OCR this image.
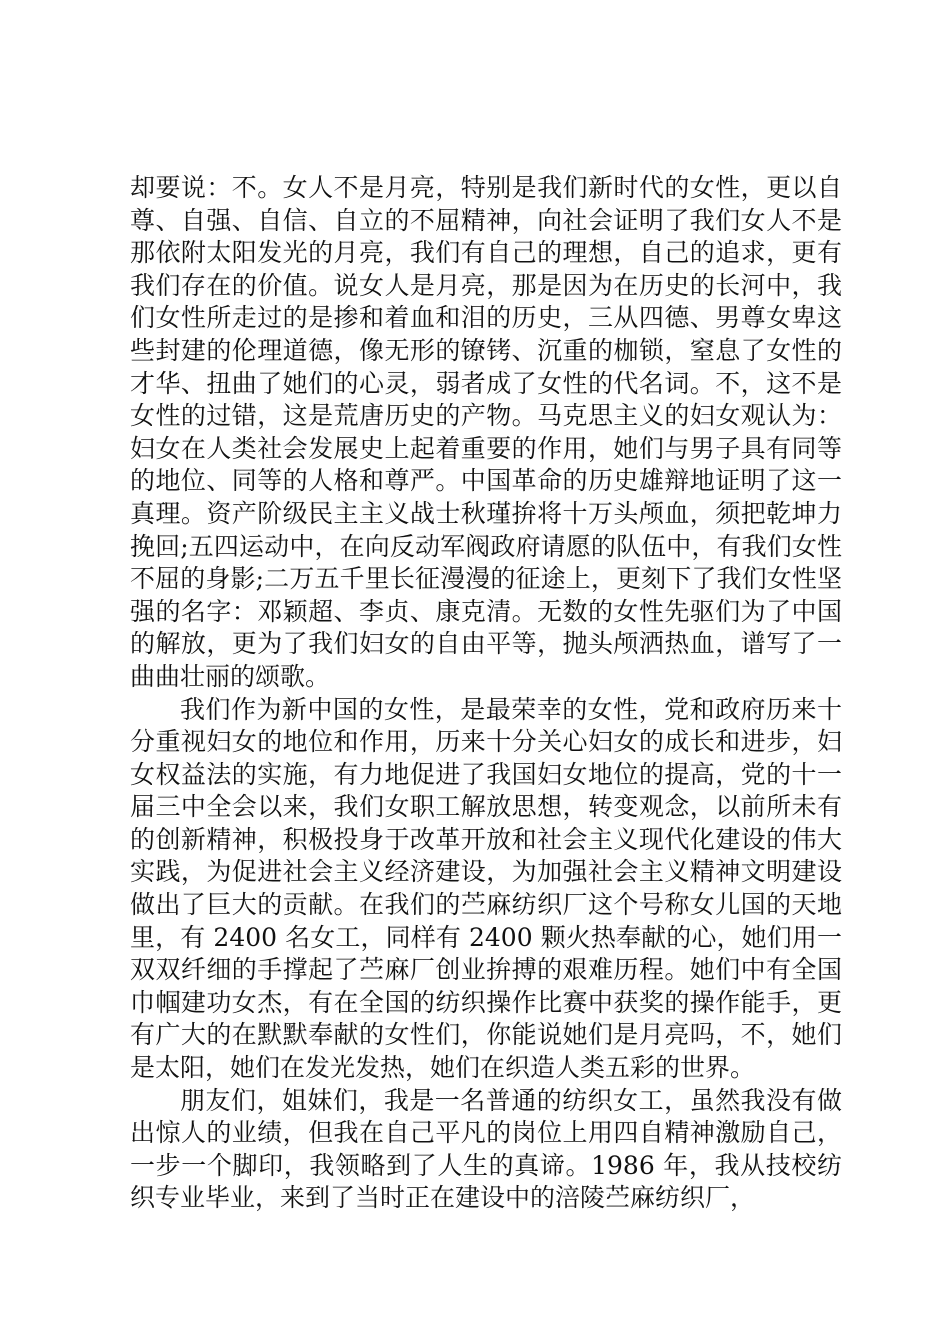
却要说：不。女人不是月亮，特别是我们新时代的女性，更以自尊、自强、自信、自立的不屈精神，向社会证明了我们女人不是那依附太阳发光的月亮，我们有自己的理想，自己的追求，更有我们存在的价值。说女人是月亮，那是因为在历史的长河中，我们女性所走过的是掺和着血和泪的历史，三从四德、男尊女卑这些封建的伦理道德，像无形的镣铐、沉重的枷锁，窒息了女性的才华、扭曲了她们的心灵，弱者成了女性的代名词。不，这不是女性的过错，这是荒唐历史的产物。马克思主义的妇女观认为：妇女在人类社会发展史上起着重要的作用，她们与男子具有同等的地位、同等的人格和尊严。中国革命的历史雄辩地证明了这一真理。资产阶级民主主义战士秋瑾拚将十万头颅血，须把乾坤力挽回;五四运动中，在向反动军阀政府请愿的队伍中，有我们女性不屈的身影;二万五千里长征漫漫的征途上，更刻下了我们女性坚强的名字：邓颖超、李贞、康克清。无数的女性先驱们为了中国的解放，更为了我们妇女的自由平等，抛头颅洒热血，谱写了一曲曲壮丽的颂歌。

我们作为新中国的女性，是最荣幸的女性，党和政府历来十分重视妇女的地位和作用，历来十分关心妇女的成长和进步，妇女权益法的实施，有力地促进了我国妇女地位的提高，党的十一届三中全会以来，我们女职工解放思想，转变观念，以前所未有的创新精神，积极投身于改革开放和社会主义现代化建设的伟大实践，为促进社会主义经济建设，为加强社会主义精神文明建设做出了巨大的贡献。在我们的苎麻纺织厂这个号称女儿国的天地里，有 2400 名女工，同样有 2400 颗火热奉献的心，她们用一双双纤细的手撑起了苎麻厂创业拚搏的艰难历程。她们中有全国巾帼建功女杰，有在全国的纺织操作比赛中获奖的操作能手，更有广大的在默默奉献的女性们，你能说她们是月亮吗，不，她们是太阳，她们在发光发热，她们在织造人类五彩的世界。

朋友们，姐妹们，我是一名普通的纺织女工，虽然我没有做出惊人的业绩，但我在自己平凡的岗位上用四自精神激励自己，一步一个脚印，我领略到了人生的真谛。1986 年，我从技校纺织专业毕业，来到了当时正在建设中的涪陵苎麻纺织厂，
